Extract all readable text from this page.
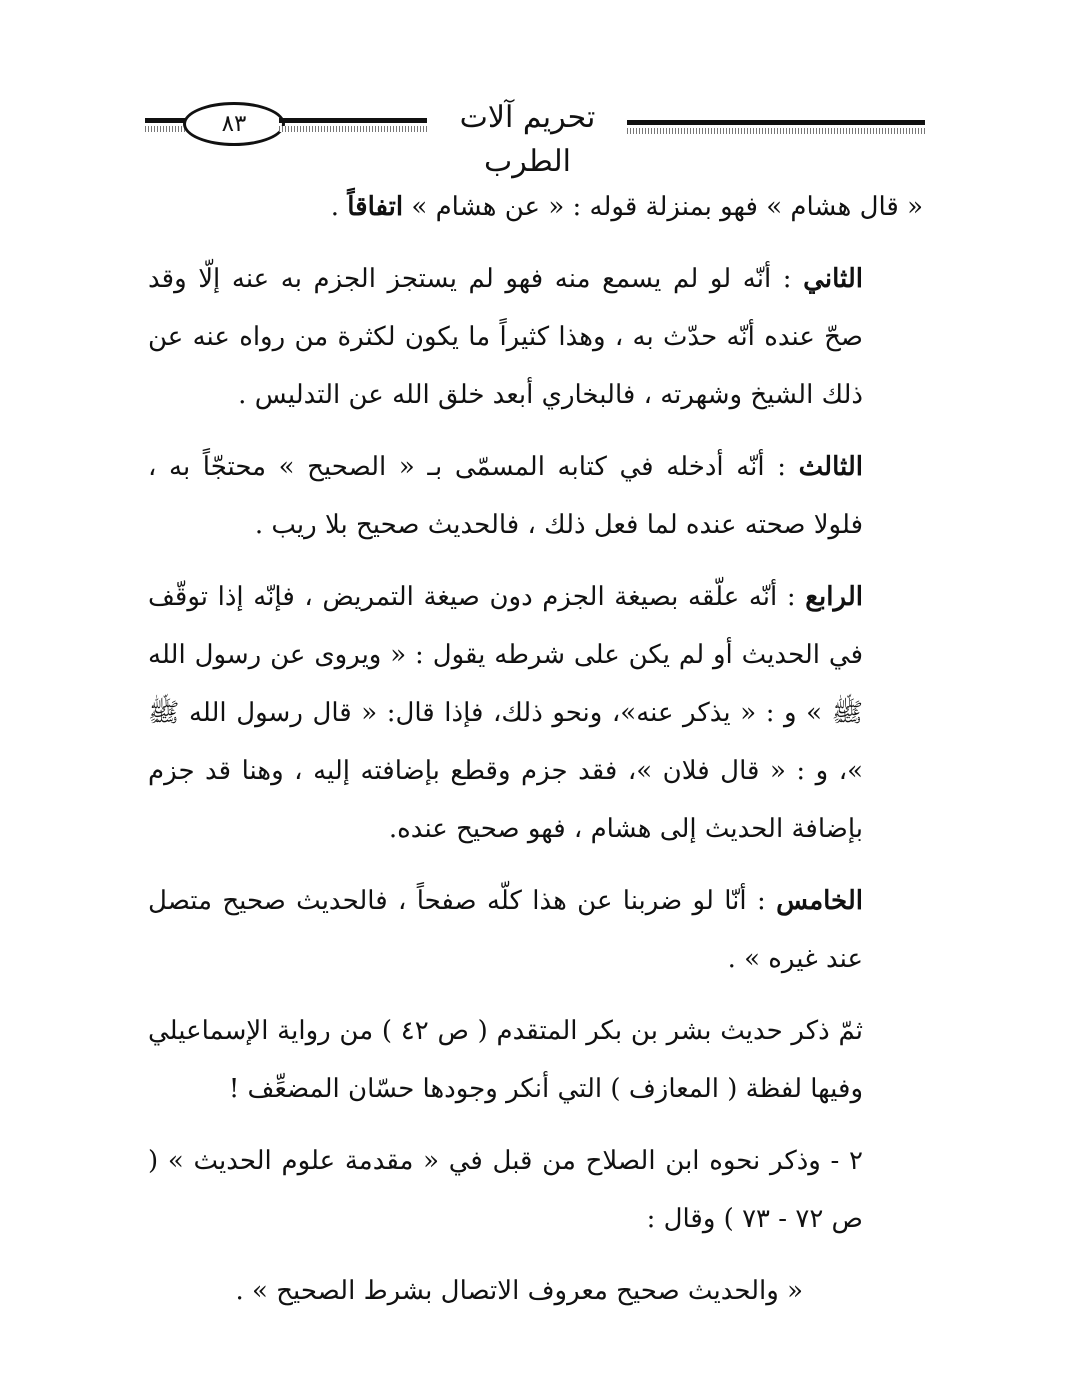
٨٣	تحريم آلات الطرب

« قال هشام » فهو بمنزلة قوله : « عن هشام » اتفاقاً .

الثاني : أنّه لو لم يسمع منه فهو لم يستجز الجزم به عنه إلّا وقد صحّ عنده أنّه حدّث به ، وهذا كثيراً ما يكون لكثرة من رواه عنه عن ذلك الشيخ وشهرته ، فالبخاري أبعد خلق الله عن التدليس .

الثالث : أنّه أدخله في كتابه المسمّى بـ « الصحيح » محتجّاً به ، فلولا صحته عنده لما فعل ذلك ، فالحديث صحيح بلا ريب .

الرابع : أنّه علّقه بصيغة الجزم دون صيغة التمريض ، فإنّه إذا توقّف في الحديث أو لم يكن على شرطه يقول : « ويروى عن رسول الله ﷺ » و : « يذكر عنه»، ونحو ذلك، فإذا قال: « قال رسول الله ﷺ »، و : « قال فلان »، فقد جزم وقطع بإضافته إليه ، وهنا قد جزم بإضافة الحديث إلى هشام ، فهو صحيح عنده.

الخامس : أنّا لو ضربنا عن هذا كلّه صفحاً ، فالحديث صحيح متصل عند غيره » .

ثمّ ذكر حديث بشر بن بكر المتقدم ( ص ٤٢ ) من رواية الإسماعيلي وفيها لفظة ( المعازف ) التي أنكر وجودها حسّان المضعِّف !

٢ - وذكر نحوه ابن الصلاح من قبل في « مقدمة علوم الحديث » ( ص ٧٢ - ٧٣ ) وقال :

« والحديث صحيح معروف الاتصال بشرط الصحيح » .
